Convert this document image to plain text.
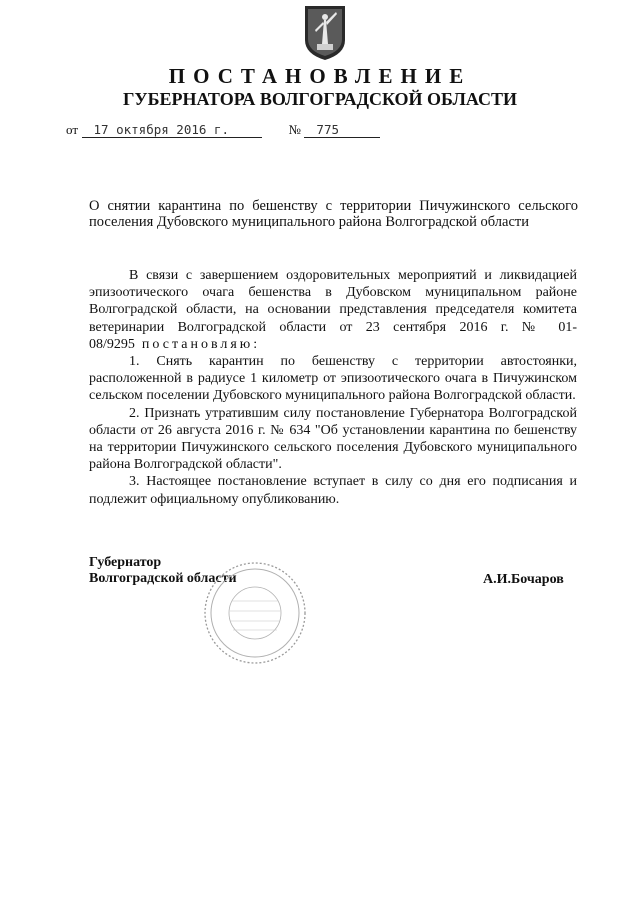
ПОСТАНОВЛЕНИЕ
ГУБЕРНАТОРА ВОЛГОГРАДСКОЙ ОБЛАСТИ
от 17 октября 2016 г.	№ 775
О снятии карантина по бешенству с территории Пичужинского сельского
поселения Дубовского муниципального района Волгоградской области

В связи с завершением оздоровительных мероприятий и ликвидацией эпизоотического очага бешенства в Дубовском муниципальном районе Волгоградской области, на основании представления председателя комитета ветеринарии Волгоградской области от 23 сентября 2016 г. № 01-08/9295 постановляю:

1. Снять карантин по бешенству с территории автостоянки, расположенной в радиусе 1 километр от эпизоотического очага в Пичужинском сельском поселении Дубовского муниципального района Волгоградской области.

2. Признать утратившим силу постановление Губернатора Волгоградской области от 26 августа 2016 г. № 634 "Об установлении карантина по бешенству на территории Пичужинского сельского поселения Дубовского муниципального района Волгоградской области".

3. Настоящее постановление вступает в силу со дня его подписания и подлежит официальному опубликованию.

Губернатор
Волгоградской области	А.И.Бочаров
